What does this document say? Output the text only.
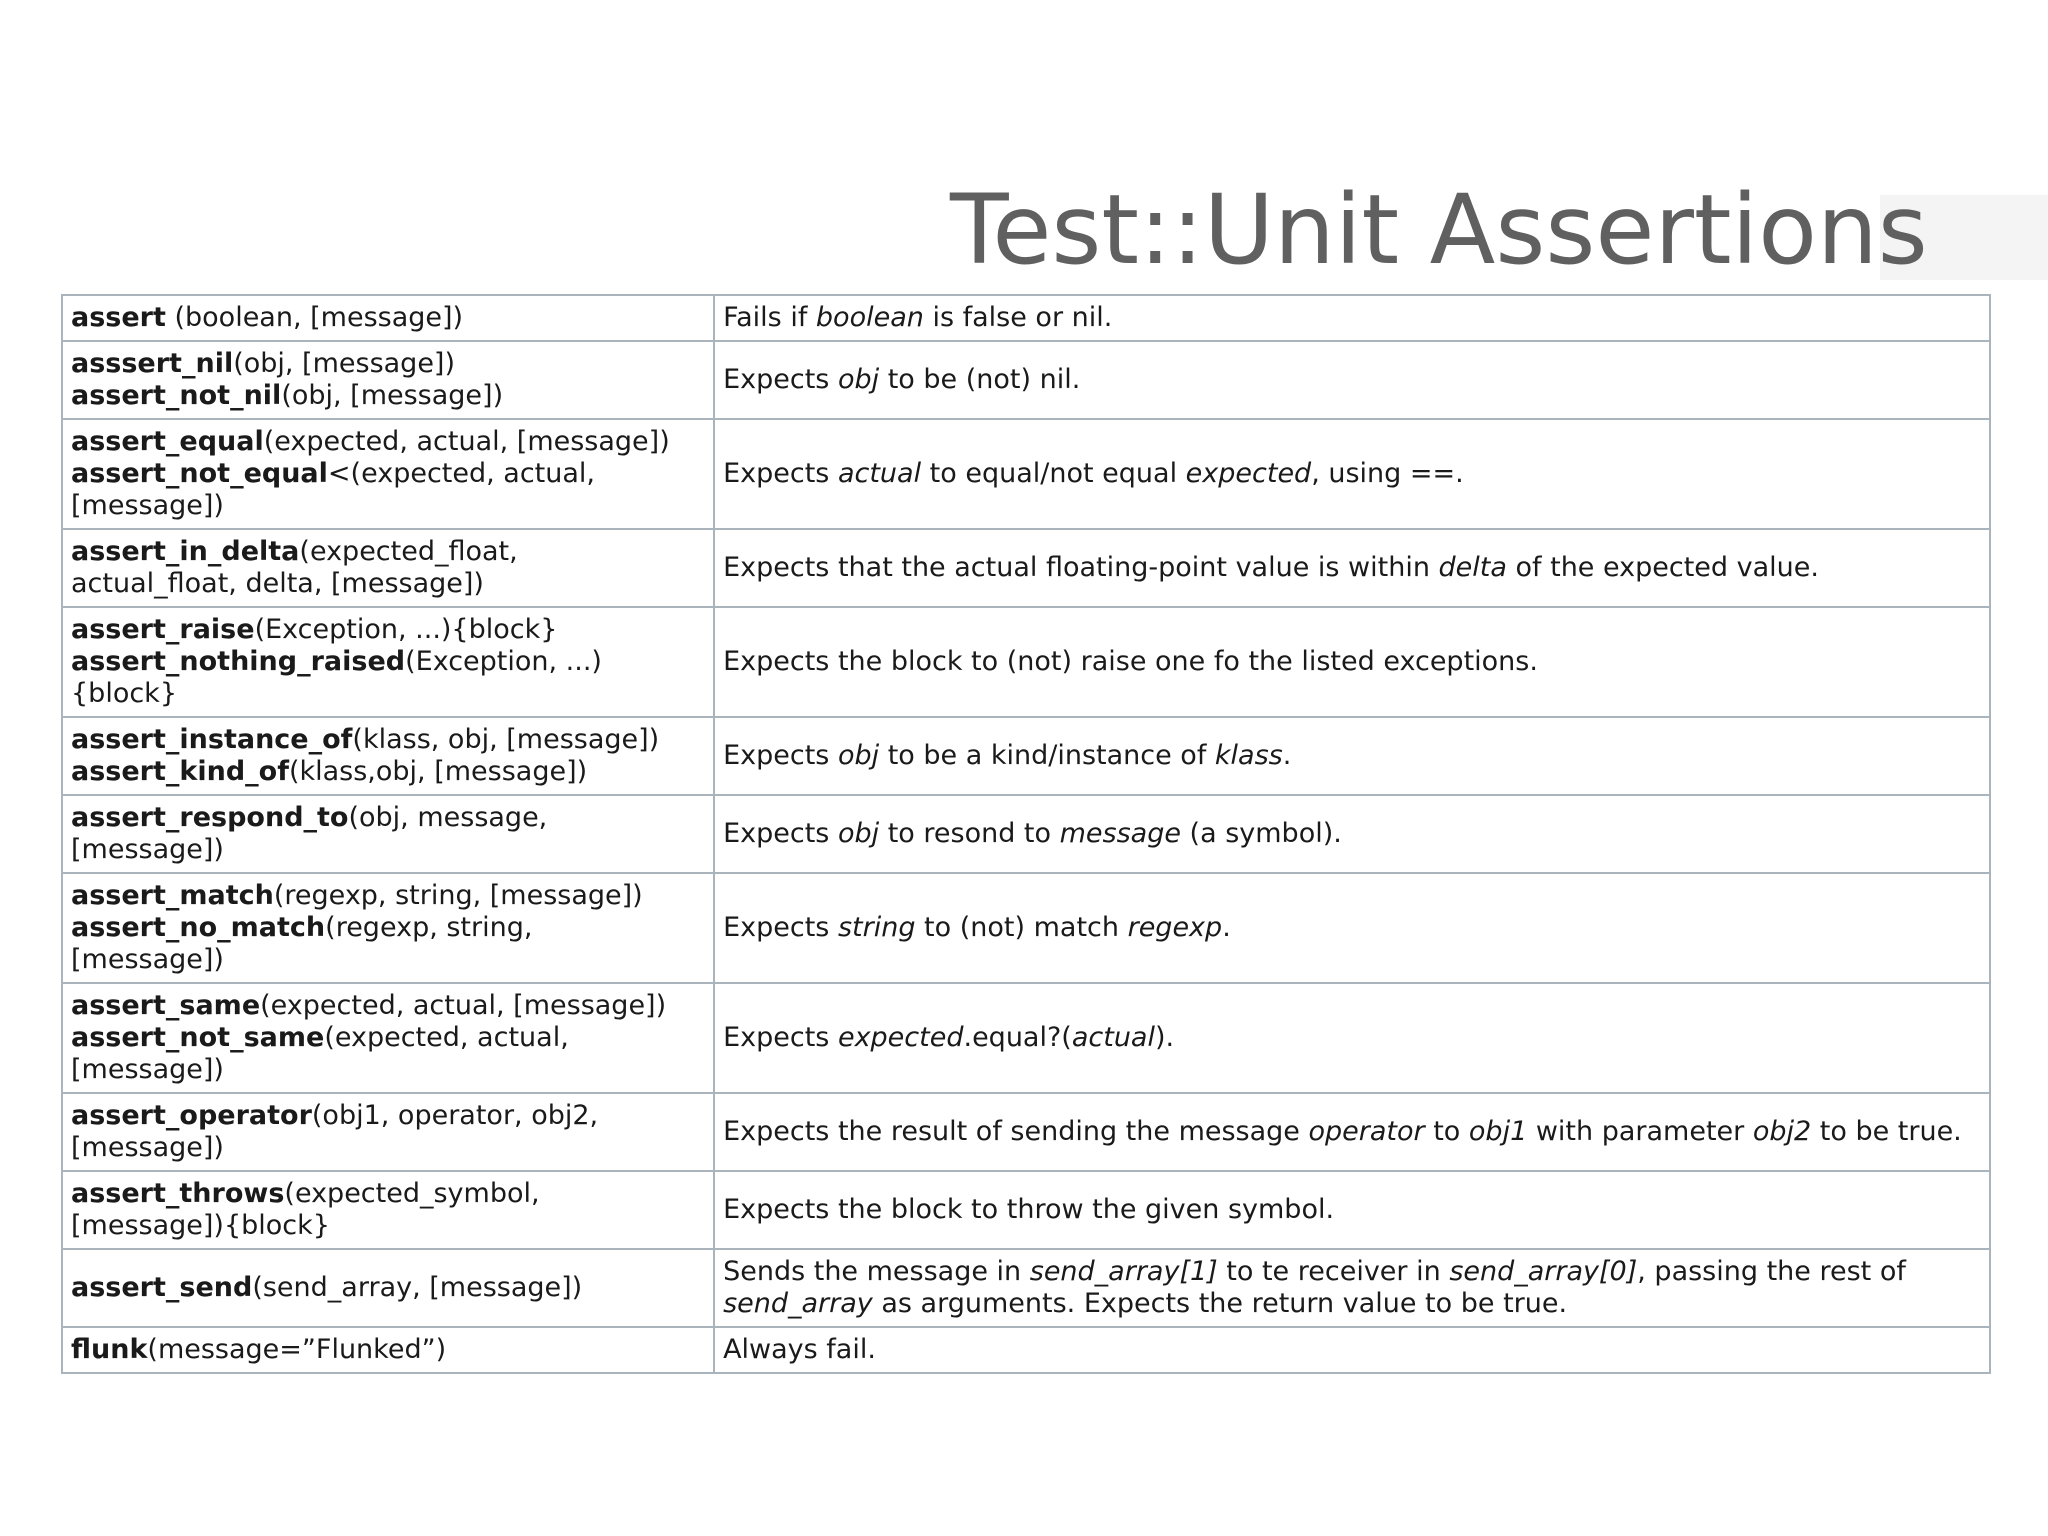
Test::Unit Assertions
assert (boolean, [message])	Fails if boolean is false or nil.
asssert_nil(obj, [message])
assert_not_nil(obj, [message])	Expects obj to be (not) nil.
assert_equal(expected, actual, [message])
assert_not_equal<(expected, actual,
[message])	Expects actual to equal/not equal expected, using ==.
assert_in_delta(expected_float,
actual_float, delta, [message])	Expects that the actual floating-point value is within delta of the expected value.
assert_raise(Exception, ...){block}
assert_nothing_raised(Exception, ...)
{block}	Expects the block to (not) raise one fo the listed exceptions.
assert_instance_of(klass, obj, [message])
assert_kind_of(klass,obj, [message])	Expects obj to be a kind/instance of klass.
assert_respond_to(obj, message,
[message])	Expects obj to resond to message (a symbol).
assert_match(regexp, string, [message])
assert_no_match(regexp, string,
[message])	Expects string to (not) match regexp.
assert_same(expected, actual, [message])
assert_not_same(expected, actual,
[message])	Expects expected.equal?(actual).
assert_operator(obj1, operator, obj2,
[message])	Expects the result of sending the message operator to obj1 with parameter obj2 to be true.
assert_throws(expected_symbol,
[message]){block}	Expects the block to throw the given symbol.
assert_send(send_array, [message])	Sends the message in send_array[1] to te receiver in send_array[0], passing the rest of send_array as arguments. Expects the return value to be true.
flunk(message=”Flunked”)	Always fail.
